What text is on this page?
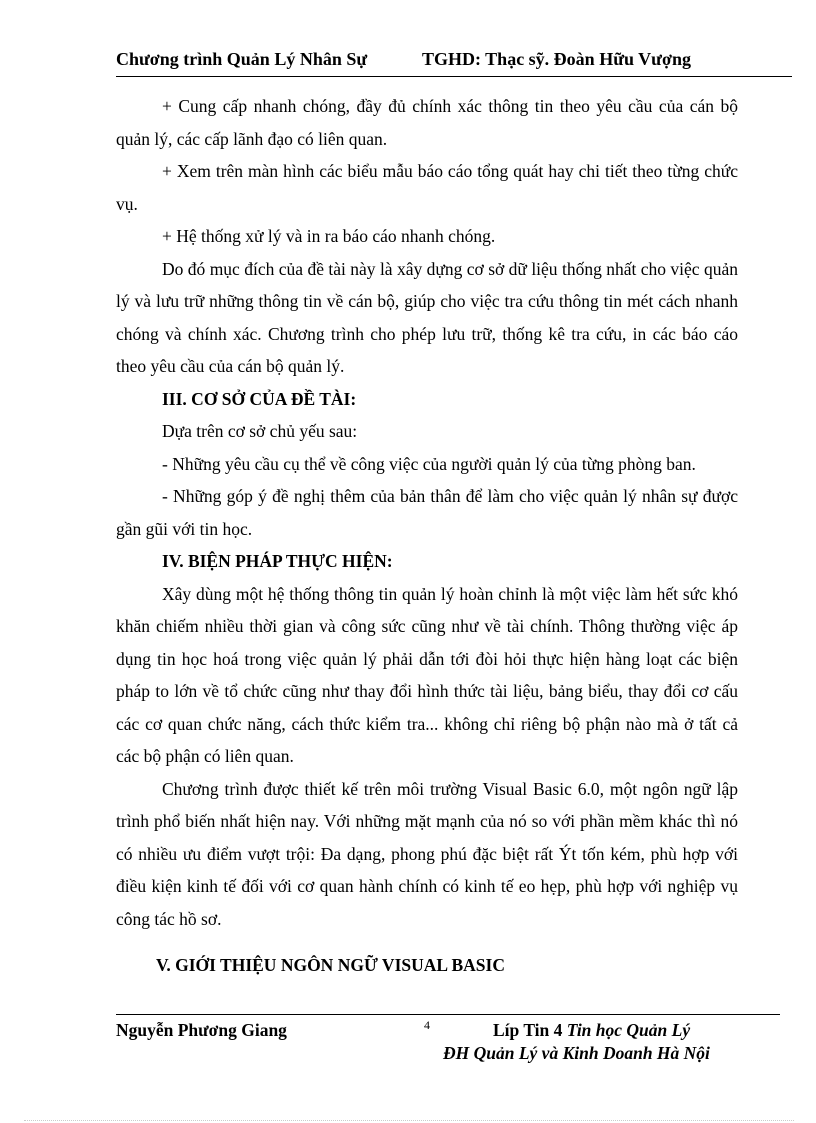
Chương trình Quản Lý Nhân Sự	TGHD: Thạc sỹ. Đoàn Hữu Vượng

+ Cung cấp nhanh chóng, đầy đủ chính xác thông tin theo yêu cầu của cán bộ quản lý, các cấp lãnh đạo có liên quan.

+ Xem trên màn hình các biểu mẫu báo cáo tổng quát hay chi tiết theo từng chức vụ.

+ Hệ thống xử lý và in ra báo cáo nhanh chóng.

Do đó mục đích của đề tài này là xây dựng cơ sở dữ liệu thống nhất cho việc quản lý và lưu trữ những thông tin về cán bộ, giúp cho việc tra cứu thông tin mét cách nhanh chóng và chính xác. Chương trình cho phép lưu trữ, thống kê tra cứu, in các báo cáo theo yêu cầu của cán bộ quản lý.

III. CƠ SỞ CỦA ĐỀ TÀI:

Dựa trên cơ sở chủ yếu sau:

- Những yêu cầu cụ thể về công việc của người quản lý của từng phòng ban.

- Những góp ý đề nghị thêm của bản thân để làm cho việc quản lý nhân sự được gần gũi với tin học.

IV. BIỆN PHÁP THỰC HIỆN:

Xây dùng một hệ thống thông tin quản lý hoàn chỉnh là một việc làm hết sức khó khăn chiếm nhiều thời gian và công sức cũng như về tài chính. Thông thường việc áp dụng tin học hoá trong việc quản lý phải dẫn tới đòi hỏi thực hiện hàng loạt các biện pháp to lớn về tổ chức cũng như thay đổi hình thức tài liệu, bảng biểu, thay đổi cơ cấu các cơ quan chức năng, cách thức kiểm tra... không chỉ riêng bộ phận nào mà ở tất cả các bộ phận có liên quan.

Chương trình được thiết kế trên môi trường Visual Basic 6.0, một ngôn ngữ lập trình phổ biến nhất hiện nay. Với những mặt mạnh của nó so với phần mềm khác thì nó có nhiều ưu điểm vượt trội: Đa dạng, phong phú đặc biệt rất Ýt tốn kém, phù hợp với điều kiện kinh tế đối với cơ quan hành chính có kinh tế eo hẹp, phù hợp với nghiệp vụ công tác hồ sơ.

V. GIỚI THIỆU NGÔN NGỮ VISUAL BASIC

Nguyễn Phương Giang	4	Líp Tin 4 Tin học Quản Lý
ĐH Quản Lý và Kinh Doanh Hà Nội
